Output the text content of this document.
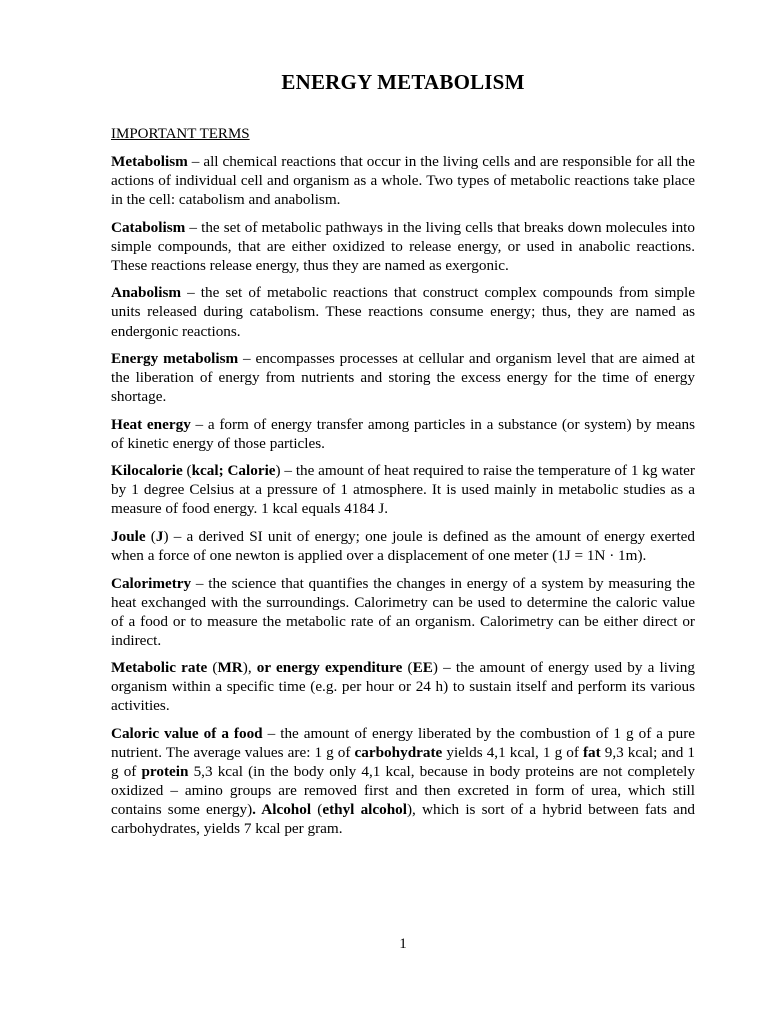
ENERGY METABOLISM
IMPORTANT TERMS

Metabolism – all chemical reactions that occur in the living cells and are responsible for all the actions of individual cell and organism as a whole. Two types of metabolic reactions take place in the cell: catabolism and anabolism.

Catabolism – the set of metabolic pathways in the living cells that breaks down molecules into simple compounds, that are either oxidized to release energy, or used in anabolic reactions. These reactions release energy, thus they are named as exergonic.

Anabolism – the set of metabolic reactions that construct complex compounds from simple units released during catabolism. These reactions consume energy; thus, they are named as endergonic reactions.

Energy metabolism – encompasses processes at cellular and organism level that are aimed at the liberation of energy from nutrients and storing the excess energy for the time of energy shortage.

Heat energy – a form of energy transfer among particles in a substance (or system) by means of kinetic energy of those particles.

Kilocalorie (kcal; Calorie) – the amount of heat required to raise the temperature of 1 kg water by 1 degree Celsius at a pressure of 1 atmosphere. It is used mainly in metabolic studies as a measure of food energy. 1 kcal equals 4184 J.

Joule (J) – a derived SI unit of energy; one joule is defined as the amount of energy exerted when a force of one newton is applied over a displacement of one meter (1J = 1N · 1m).

Calorimetry – the science that quantifies the changes in energy of a system by measuring the heat exchanged with the surroundings. Calorimetry can be used to determine the caloric value of a food or to measure the metabolic rate of an organism. Calorimetry can be either direct or indirect.

Metabolic rate (MR), or energy expenditure (EE) – the amount of energy used by a living organism within a specific time (e.g. per hour or 24 h) to sustain itself and perform its various activities.

Caloric value of a food – the amount of energy liberated by the combustion of 1 g of a pure nutrient. The average values are: 1 g of carbohydrate yields 4,1 kcal, 1 g of fat 9,3 kcal; and 1 g of protein 5,3 kcal (in the body only 4,1 kcal, because in body proteins are not completely oxidized – amino groups are removed first and then excreted in form of urea, which still contains some energy). Alcohol (ethyl alcohol), which is sort of a hybrid between fats and carbohydrates, yields 7 kcal per gram.

1
